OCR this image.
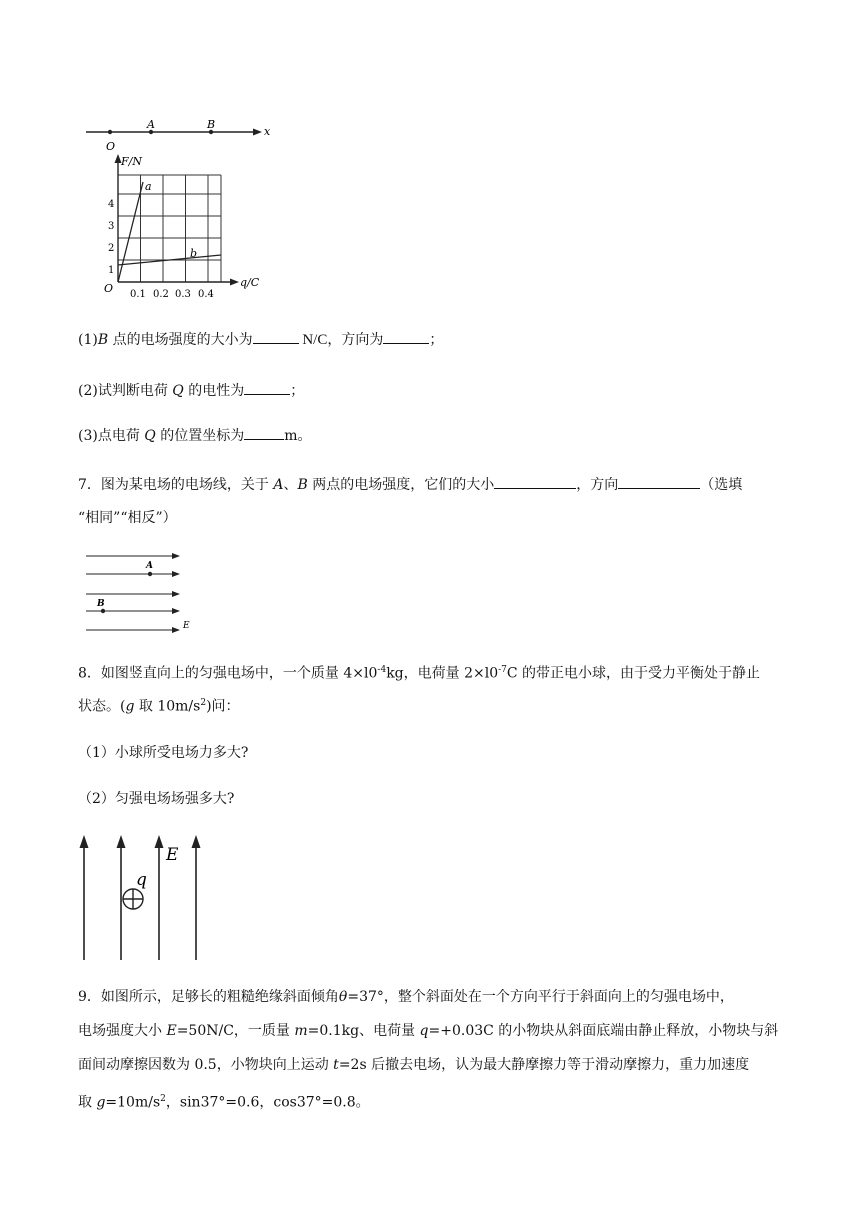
O
A	B
x
a
b
F/N
q/C
O
1
2
3
4
0.1 0.2 0.3 0.4
(1)B 点的电场强度的大小为	N/C，方向为	；
(2)试判断电荷 Q 的电性为	；
(3)点电荷 Q 的位置坐标为	m。
7．图为某电场的电场线，关于 A、B 两点的电场强度，它们的大小	，方向	（选填
“相同”“相反”）
A
B
E
8．如图竖直向上的匀强电场中，一个质量 $4\times l0^{-4}kg$，电荷量 $2\times l0^{-7}C$ 的带正电小球，由于受力平衡处于静止
状态。(g 取 $10m/s^2$)问：
（1）小球所受电场力多大?
（2）匀强电场场强多大?
q
E
9．如图所示，足够长的粗糙绝缘斜面倾角θ=37°，整个斜面处在一个方向平行于斜面向上的匀强电场中，
电场强度大小 E=50N/C，一质量 m=0.1kg、电荷量 q=+0.03C 的小物块从斜面底端由静止释放，小物块与斜
面间动摩擦因数为 0.5，小物块向上运动 t=2s 后撤去电场，认为最大静摩擦力等于滑动摩擦力，重力加速度
取 $g=10m/s^2$，sin37°=0.6，cos37°=0.8。
